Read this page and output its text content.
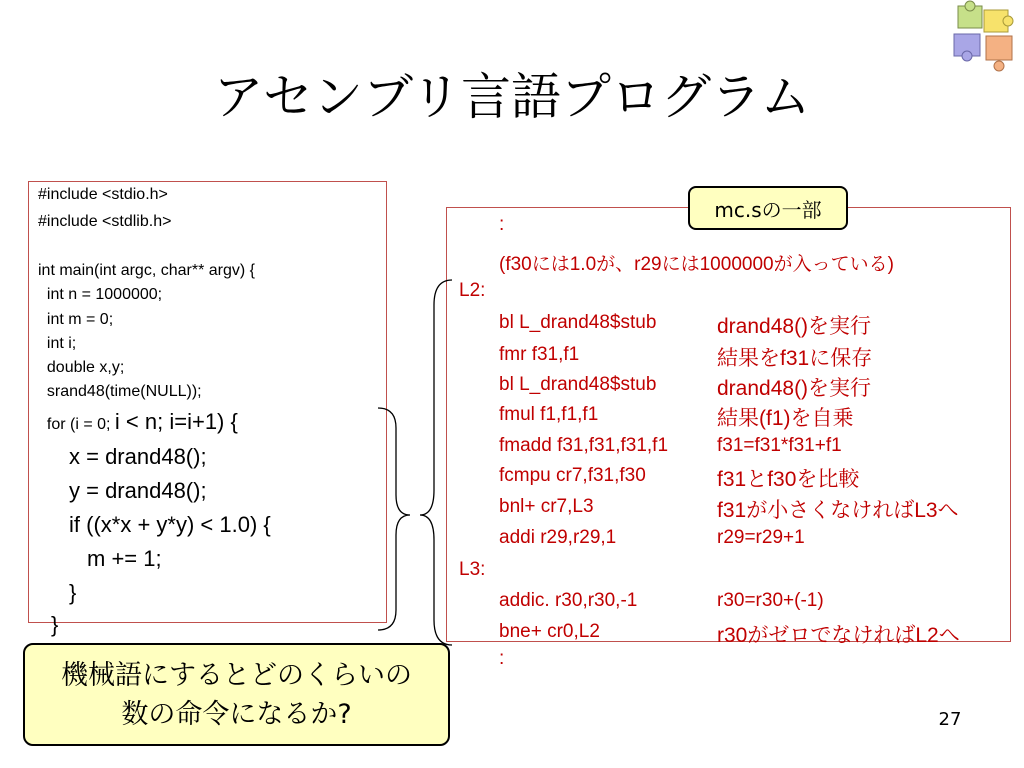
アセンブリ言語プログラム
#include <stdio.h>
#include <stdlib.h>
int main(int argc, char** argv) {
int n = 1000000;
int m = 0;
int i;
double x,y;
srand48(time(NULL));
for (i = 0; i < n; i=i+1) {
x = drand48();
y = drand48();
if ((x*x + y*y) < 1.0) {
m += 1;
}
}
:
(f30には1.0が、r29には1000000が入っている)
L2:
bl L_drand48$stub	drand48()を実行
fmr f31,f1	結果をf31に保存
bl L_drand48$stub	drand48()を実行
fmul f1,f1,f1	結果(f1)を自乗
fmadd f31,f31,f31,f1	f31=f31*f31+f1
fcmpu cr7,f31,f30	f31とf30を比較
bnl+ cr7,L3	f31が小さくなければL3へ
addi r29,r29,1	r29=r29+1
L3:
addic. r30,r30,-1	r30=r30+(-1)
bne+ cr0,L2	r30がゼロでなければL2へ
:
mc.sの一部
機械語にするとどのくらいの
数の命令になるか?	27
